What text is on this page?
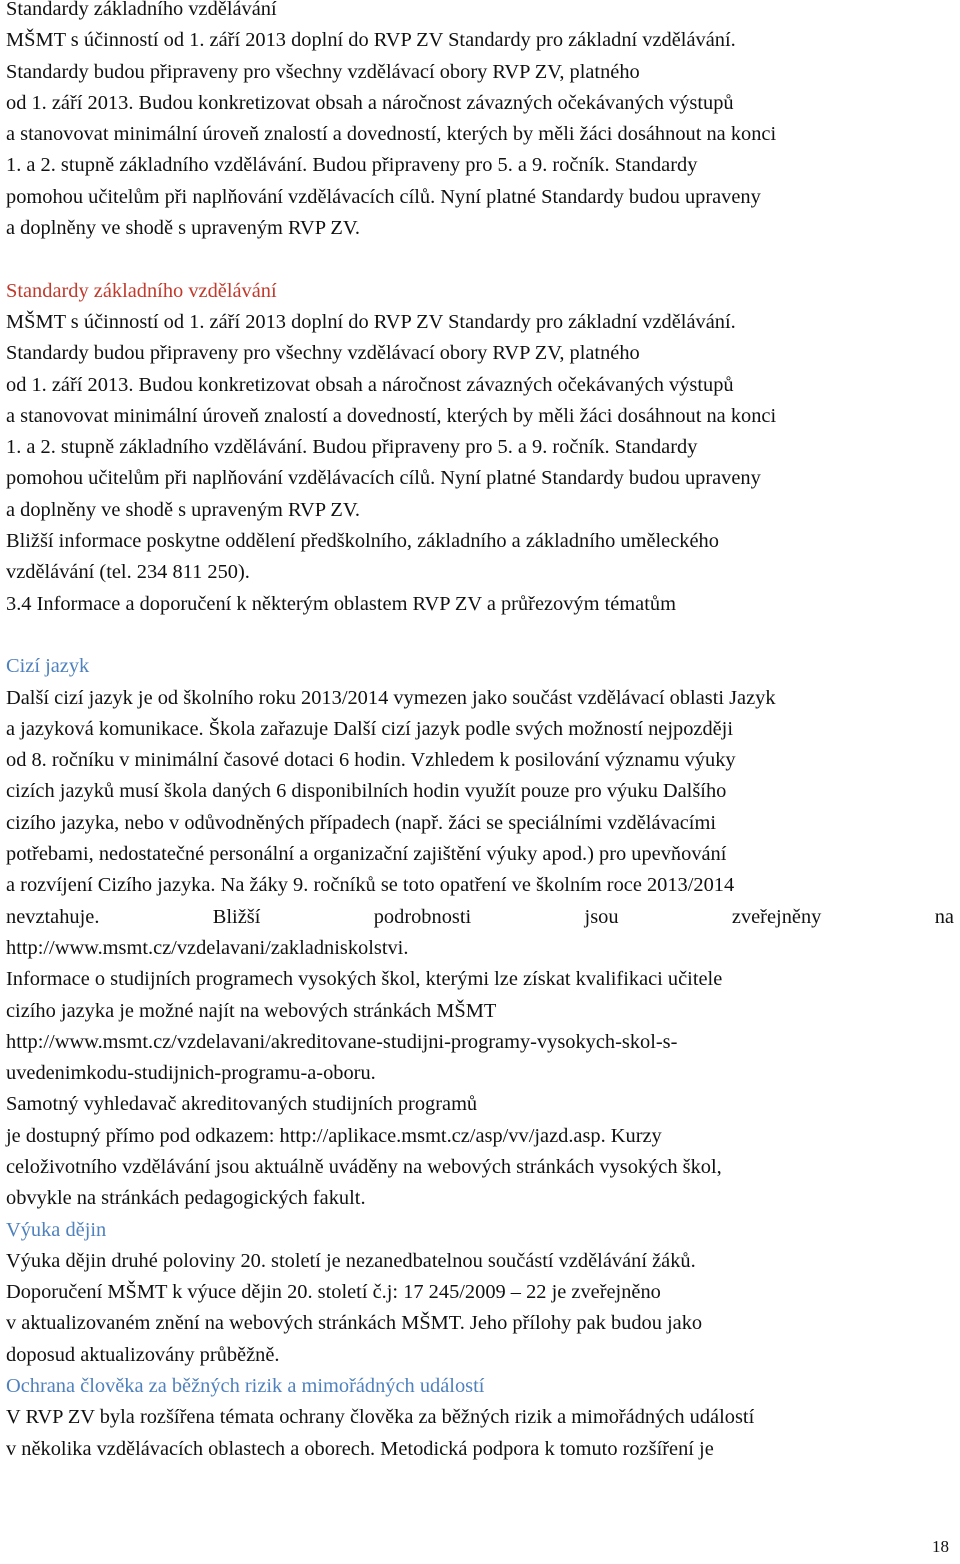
Standardy základního vzdělávání
MŠMT s účinností od 1. září 2013 doplní do RVP ZV Standardy pro základní vzdělávání.
Standardy budou připraveny pro všechny vzdělávací obory RVP ZV, platného
od 1. září 2013. Budou konkretizovat obsah a náročnost závazných očekávaných výstupů
a stanovovat minimální úroveň znalostí a dovedností, kterých by měli žáci dosáhnout na konci
1. a 2. stupně základního vzdělávání. Budou připraveny pro 5. a 9. ročník. Standardy
pomohou učitelům při naplňování vzdělávacích cílů. Nyní platné Standardy budou upraveny
a doplněny ve shodě s upraveným RVP ZV.
Standardy základního vzdělávání
MŠMT s účinností od 1. září 2013 doplní do RVP ZV Standardy pro základní vzdělávání.
Standardy budou připraveny pro všechny vzdělávací obory RVP ZV, platného
od 1. září 2013. Budou konkretizovat obsah a náročnost závazných očekávaných výstupů
a stanovovat minimální úroveň znalostí a dovedností, kterých by měli žáci dosáhnout na konci
1. a 2. stupně základního vzdělávání. Budou připraveny pro 5. a 9. ročník. Standardy
pomohou učitelům při naplňování vzdělávacích cílů. Nyní platné Standardy budou upraveny
a doplněny ve shodě s upraveným RVP ZV.
Bližší informace poskytne oddělení předškolního, základního a základního uměleckého
vzdělávání (tel. 234 811 250).
3.4 Informace a doporučení k některým oblastem RVP ZV a průřezovým tématům
Cizí jazyk
Další cizí jazyk je od školního roku 2013/2014 vymezen jako součást vzdělávací oblasti Jazyk
a jazyková komunikace. Škola zařazuje Další cizí jazyk podle svých možností nejpozději
od 8. ročníku v minimální časové dotaci 6 hodin. Vzhledem k posilování významu výuky
cizích jazyků musí škola daných 6 disponibilních hodin využít pouze pro výuku Dalšího
cizího jazyka, nebo v odůvodněných případech (např. žáci se speciálními vzdělávacími
potřebami, nedostatečné personální a organizační zajištění výuky apod.) pro upevňování
a rozvíjení Cizího jazyka. Na žáky 9. ročníků se toto opatření ve školním roce 2013/2014
nevztahuje.	Bližší	podrobnosti	jsou	zveřejněny	na
http://www.msmt.cz/vzdelavani/zakladniskolstvi.
Informace o studijních programech vysokých škol, kterými lze získat kvalifikaci učitele
cizího jazyka je možné najít na webových stránkách MŠMT
http://www.msmt.cz/vzdelavani/akreditovane-studijni-programy-vysokych-skol-s-
uvedenimkodu-studijnich-programu-a-oboru.
Samotný vyhledavač akreditovaných studijních programů
je dostupný přímo pod odkazem: http://aplikace.msmt.cz/asp/vv/jazd.asp. Kurzy
celoživotního vzdělávání jsou aktuálně uváděny na webových stránkách vysokých škol,
obvykle na stránkách pedagogických fakult.
Výuka dějin
Výuka dějin druhé poloviny 20. století je nezanedbatelnou součástí vzdělávání žáků.
Doporučení MŠMT k výuce dějin 20. století č.j: 17 245/2009 – 22 je zveřejněno
v aktualizovaném znění na webových stránkách MŠMT. Jeho přílohy pak budou jako
doposud aktualizovány průběžně.
Ochrana člověka za běžných rizik a mimořádných událostí
V RVP ZV byla rozšířena témata ochrany člověka za běžných rizik a mimořádných událostí
v několika vzdělávacích oblastech a oborech. Metodická podpora k tomuto rozšíření je
18
